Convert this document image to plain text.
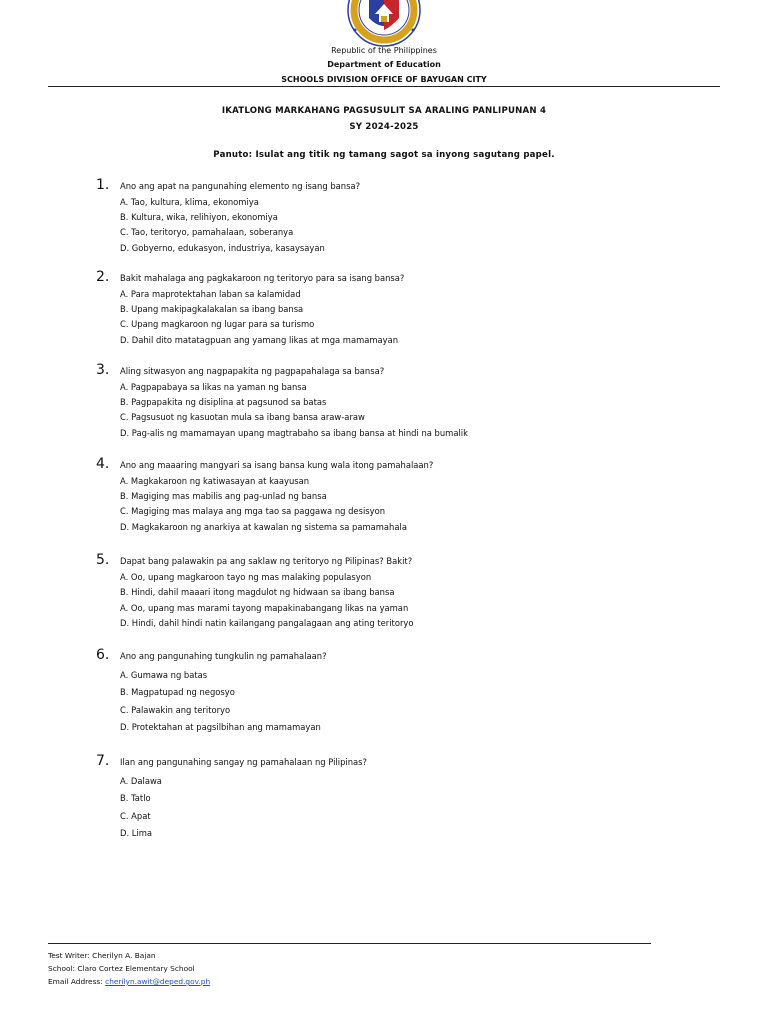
Republic of the Philippines
Department of Education
SCHOOLS DIVISION OFFICE OF BAYUGAN CITY
IKATLONG MARKAHANG PAGSUSULIT SA ARALING PANLIPUNAN 4
SY 2024-2025
Panuto: Isulat ang titik ng tamang sagot sa inyong sagutang papel.
1. Ano ang apat na pangunahing elemento ng isang bansa?
A. Tao, kultura, klima, ekonomiya
B. Kultura, wika, relihiyon, ekonomiya
C. Tao, teritoryo, pamahalaan, soberanya
D. Gobyerno, edukasyon, industriya, kasaysayan
2. Bakit mahalaga ang pagkakaroon ng teritoryo para sa isang bansa?
A. Para maprotektahan laban sa kalamidad
B. Upang makipagkalakalan sa ibang bansa
C. Upang magkaroon ng lugar para sa turismo
D. Dahil dito matatagpuan ang yamang likas at mga mamamayan
3. Aling sitwasyon ang nagpapakita ng pagpapahalaga sa bansa?
A. Pagpapabaya sa likas na yaman ng bansa
B. Pagpapakita ng disiplina at pagsunod sa batas
C. Pagsusuot ng kasuotan mula sa ibang bansa araw-araw
D. Pag-alis ng mamamayan upang magtrabaho sa ibang bansa at hindi na bumalik
4. Ano ang maaaring mangyari sa isang bansa kung wala itong pamahalaan?
A. Magkakaroon ng katiwasayan at kaayusan
B. Magiging mas mabilis ang pag-unlad ng bansa
C. Magiging mas malaya ang mga tao sa paggawa ng desisyon
D. Magkakaroon ng anarkiya at kawalan ng sistema sa pamamahala
5. Dapat bang palawakin pa ang saklaw ng teritoryo ng Pilipinas? Bakit?
A. Oo, upang magkaroon tayo ng mas malaking populasyon
B. Hindi, dahil maaari itong magdulot ng hidwaan sa ibang bansa
A. Oo, upang mas marami tayong mapakinabangang likas na yaman
D. Hindi, dahil hindi natin kailangang pangalagaan ang ating teritoryo
6. Ano ang pangunahing tungkulin ng pamahalaan?
A. Gumawa ng batas
B. Magpatupad ng negosyo
C. Palawakin ang teritoryo
D. Protektahan at pagsilbihan ang mamamayan
7. Ilan ang pangunahing sangay ng pamahalaan ng Pilipinas?
A. Dalawa
B. Tatlo
C. Apat
D. Lima
Test Writer: Cherilyn A. Bajan
School: Claro Cortez Elementary School
Email Address: cherilyn.awit@deped.gov.ph
